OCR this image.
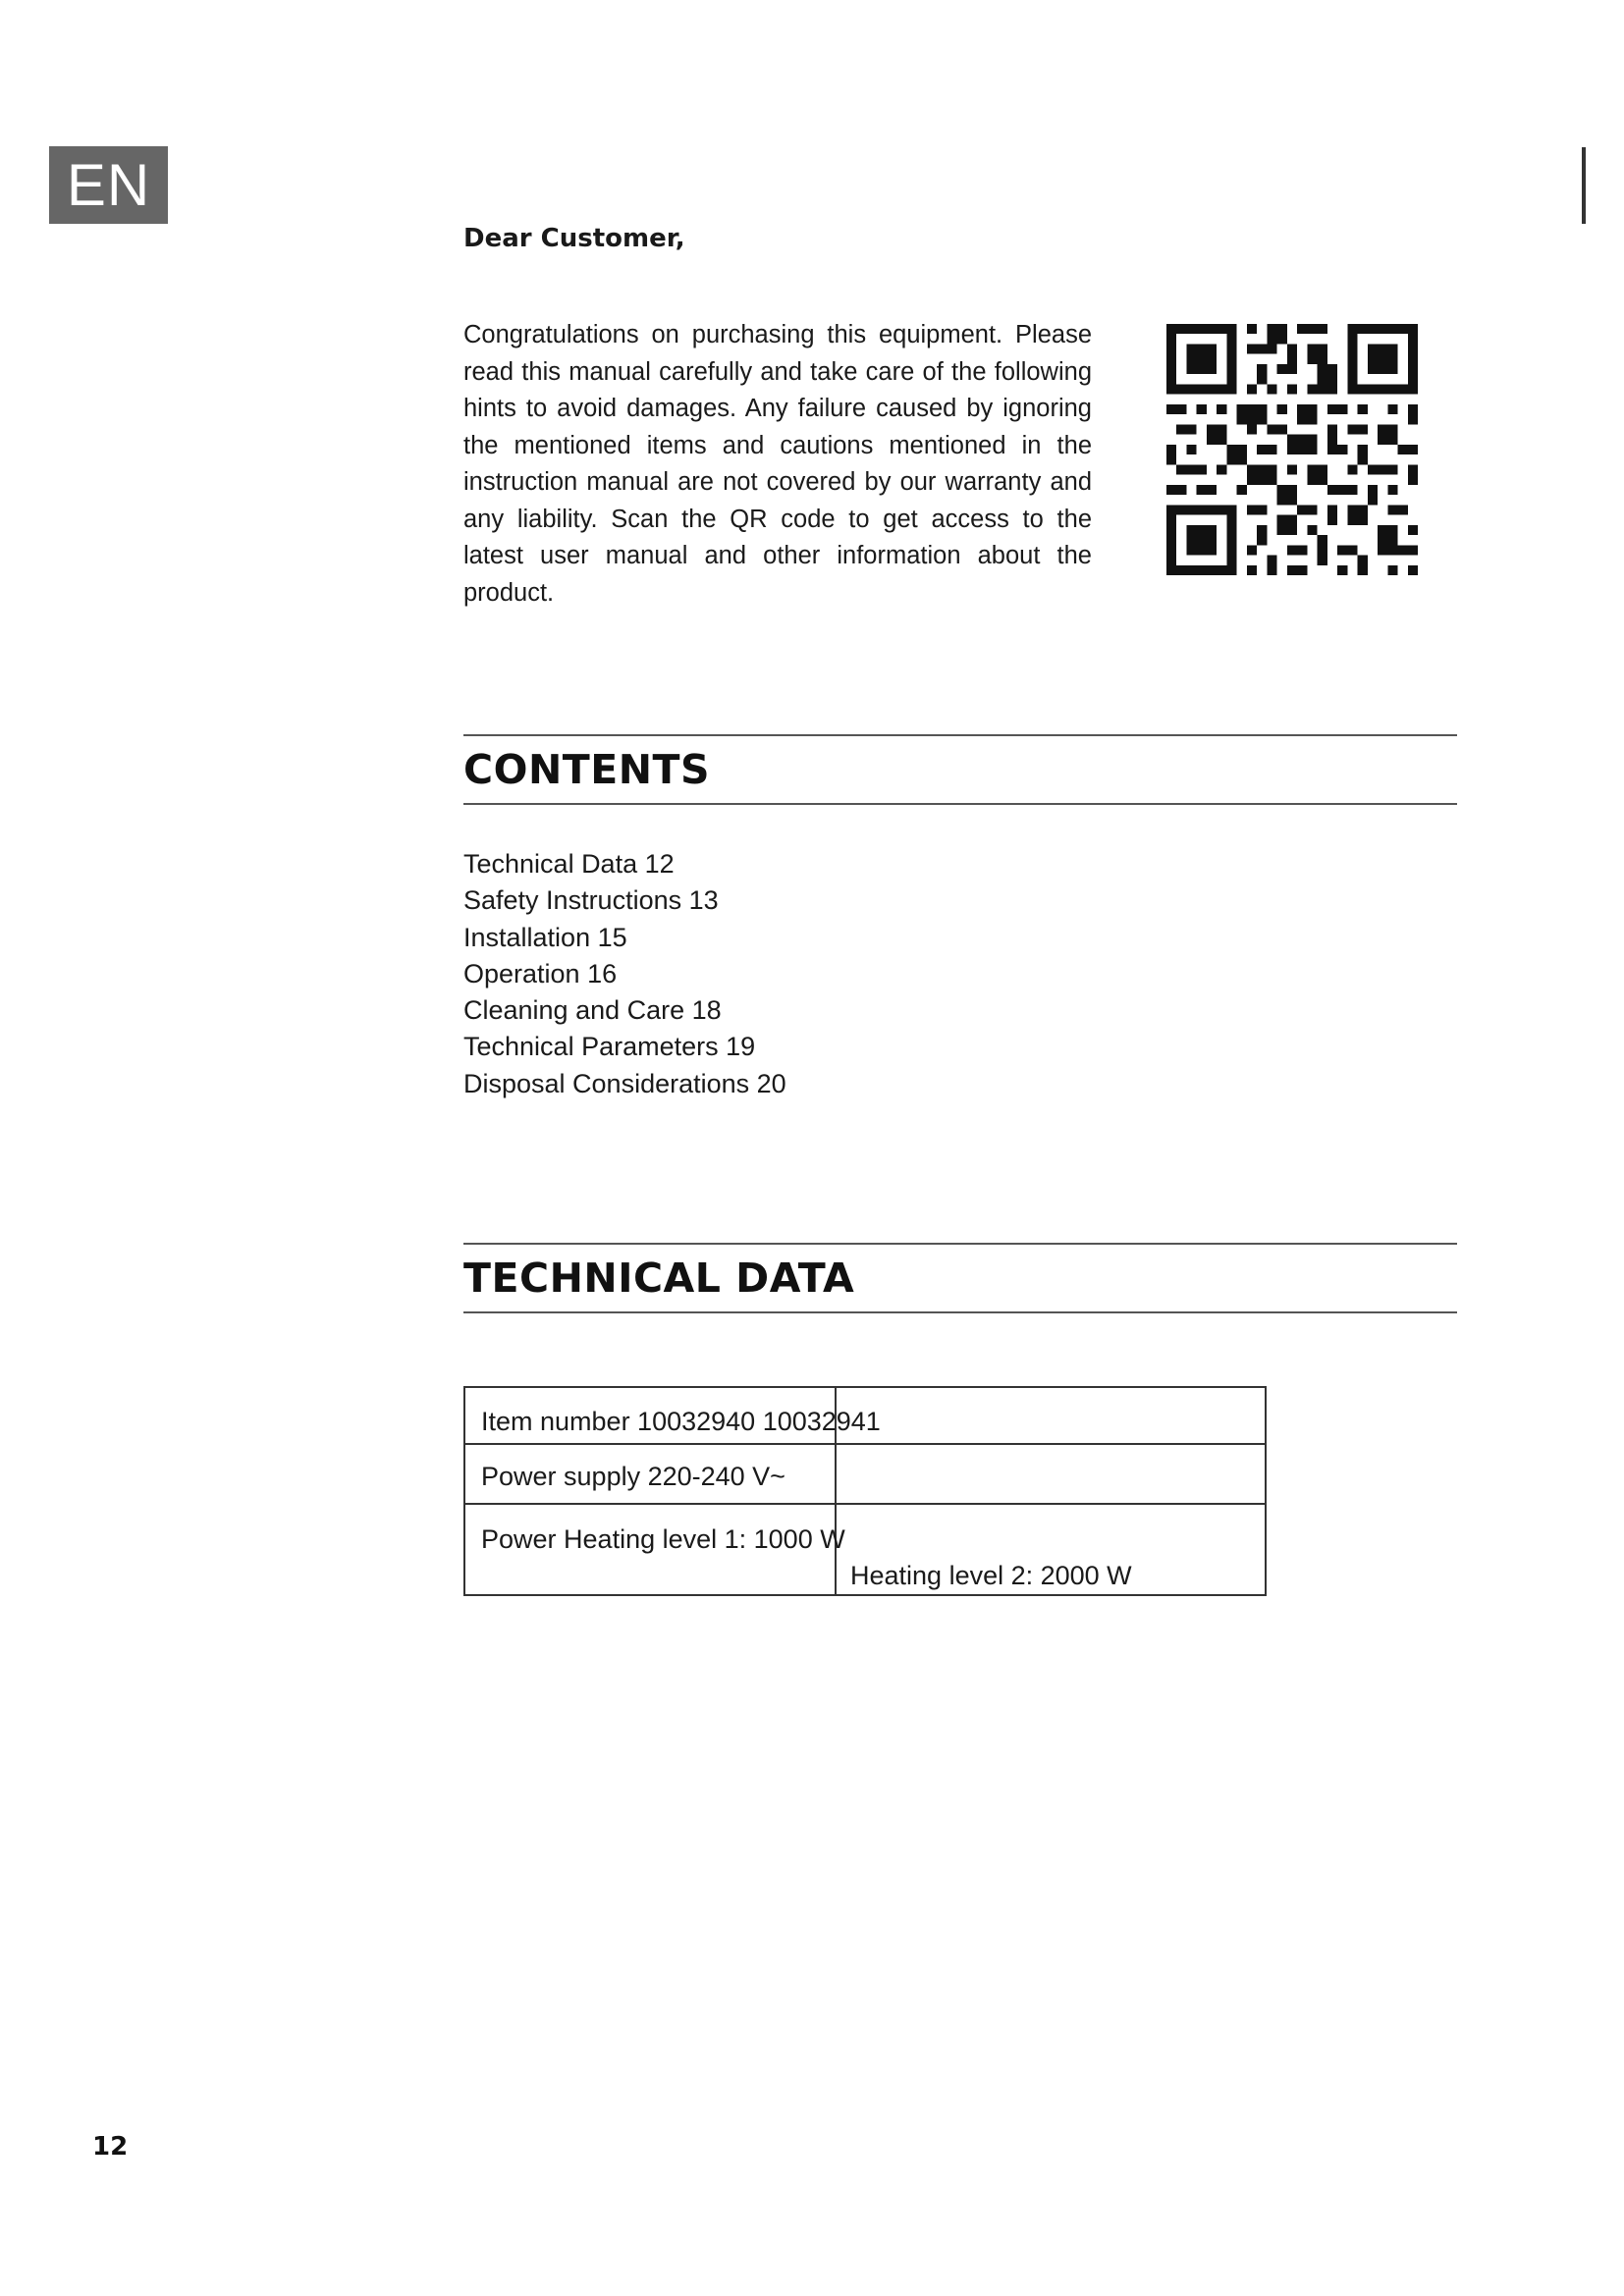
EN
Dear Customer,
Congratulations on purchasing this equipment. Please read this manual carefully and take care of the following hints to avoid damages. Any failure caused by ignoring the mentioned items and cautions mentioned in the instruction manual are not covered by our warranty and any liability. Scan the QR code to get access to the latest user manual and other information about the product.
CONTENTS
Technical Data 12
Safety Instructions 13
Installation 15
Operation 16
Cleaning and Care 18
Technical Parameters 19
Disposal Considerations 20
TECHNICAL DATA
Item number 10032940 10032941
Power supply 220-240 V~
Power Heating level 1: 1000 W
Heating level 2: 2000 W
12
